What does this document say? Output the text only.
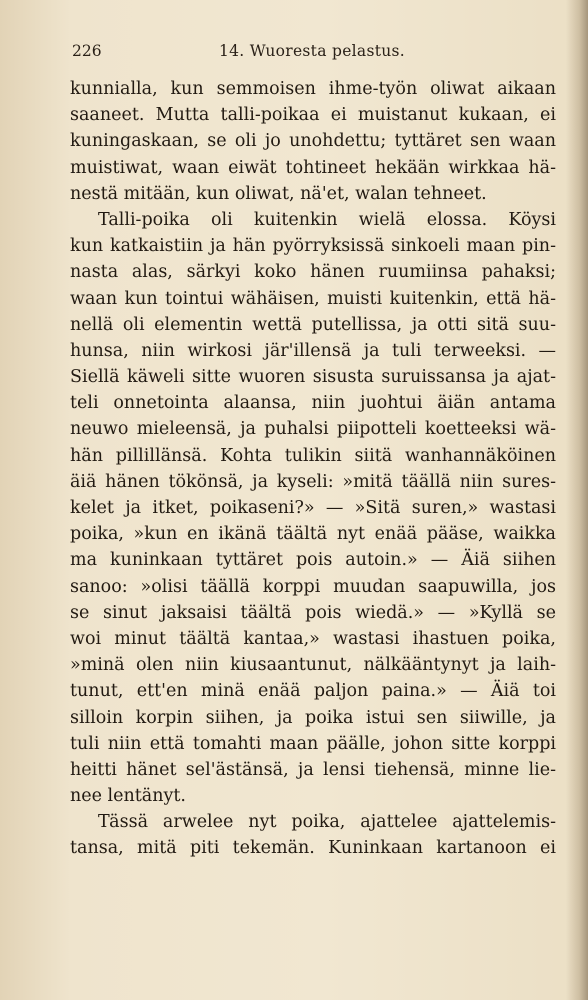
226	14. Wuoresta pelastus.
kunnialla, kun semmoisen ihme-työn oliwat aikaan
saaneet. Mutta talli-poikaa ei muistanut kukaan, ei
kuningaskaan, se oli jo unohdettu; tyttäret sen waan
muistiwat, waan eiwät tohtineet hekään wirkkaa hä-
nestä mitään, kun oliwat, nä'et, walan tehneet.
Talli-poika oli kuitenkin wielä elossa. Köysi
kun katkaistiin ja hän pyörryksissä sinkoeli maan pin-
nasta alas, särkyi koko hänen ruumiinsa pahaksi;
waan kun tointui wähäisen, muisti kuitenkin, että hä-
nellä oli elementin wettä putellissa, ja otti sitä suu-
hunsa, niin wirkosi jär'illensä ja tuli terweeksi. —
Siellä käweli sitte wuoren sisusta suruissansa ja ajat-
teli onnetointa alaansa, niin juohtui äiän antama
neuwo mieleensä, ja puhalsi piipotteli koetteeksi wä-
hän pillillänsä. Kohta tulikin siitä wanhannäköinen
äiä hänen tökönsä, ja kyseli: »mitä täällä niin sures-
kelet ja itket, poikaseni?» — »Sitä suren,» wastasi
poika, »kun en ikänä täältä nyt enää pääse, waikka
ma kuninkaan tyttäret pois autoin.» — Äiä siihen
sanoo: »olisi täällä korppi muudan saapuwilla, jos
se sinut jaksaisi täältä pois wiedä.» — »Kyllä se
woi minut täältä kantaa,» wastasi ihastuen poika,
»minä olen niin kiusaantunut, nälkääntynyt ja laih-
tunut, ett'en minä enää paljon paina.» — Äiä toi
silloin korpin siihen, ja poika istui sen siiwille, ja
tuli niin että tomahti maan päälle, johon sitte korppi
heitti hänet sel'ästänsä, ja lensi tiehensä, minne lie-
nee lentänyt.
Tässä arwelee nyt poika, ajattelee ajattelemis-
tansa, mitä piti tekemän. Kuninkaan kartanoon ei
